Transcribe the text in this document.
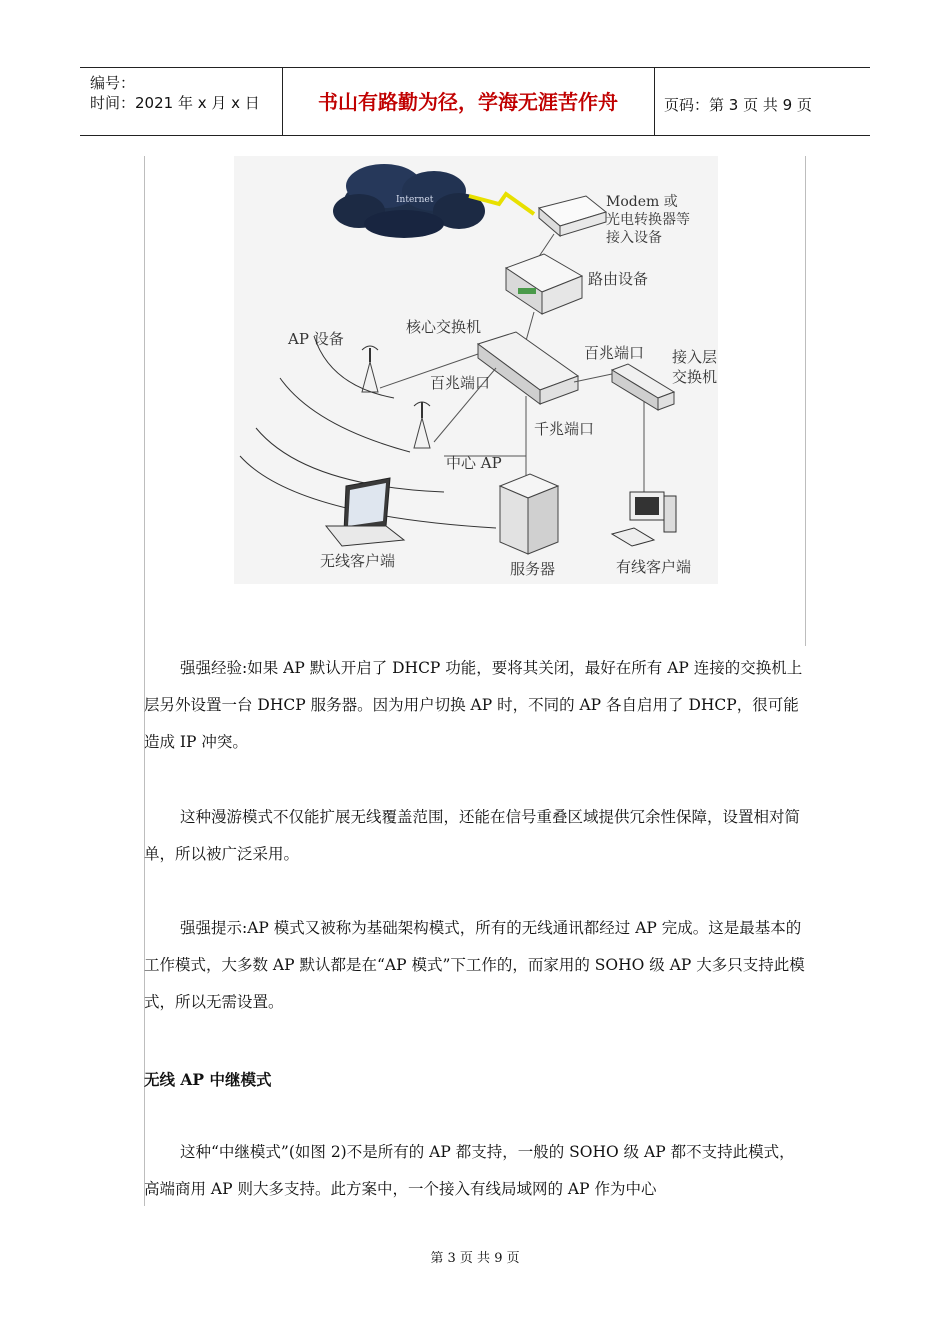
编号：
时间：2021 年 x 月 x 日	书山有路勤为径，学海无涯苦作舟	页码：第 3 页 共 9 页
Internet	Modem 或
光电转换器等
接入设备
路由设备
核心交换机
百兆端口 接入层
交换机
AP 设备
百兆端口
中心 AP
千兆端口
无线客户端	服务器	有线客户端
强强经验:如果 AP 默认开启了 DHCP 功能，要将其关闭，最好在所有 AP 连接的交换机上层另外设置一台 DHCP 服务器。因为用户切换 AP 时，不同的 AP 各自启用了 DHCP，很可能造成 IP 冲突。
这种漫游模式不仅能扩展无线覆盖范围，还能在信号重叠区域提供冗余性保障，设置相对简单，所以被广泛采用。
强强提示:AP 模式又被称为基础架构模式，所有的无线通讯都经过 AP 完成。这是最基本的工作模式，大多数 AP 默认都是在“AP 模式”下工作的，而家用的 SOHO 级 AP 大多只支持此模式，所以无需设置。
无线 AP 中继模式
这种“中继模式”(如图 2)不是所有的 AP 都支持，一般的 SOHO 级 AP 都不支持此模式，高端商用 AP 则大多支持。此方案中，一个接入有线局域网的 AP 作为中心
第 3 页 共 9 页
